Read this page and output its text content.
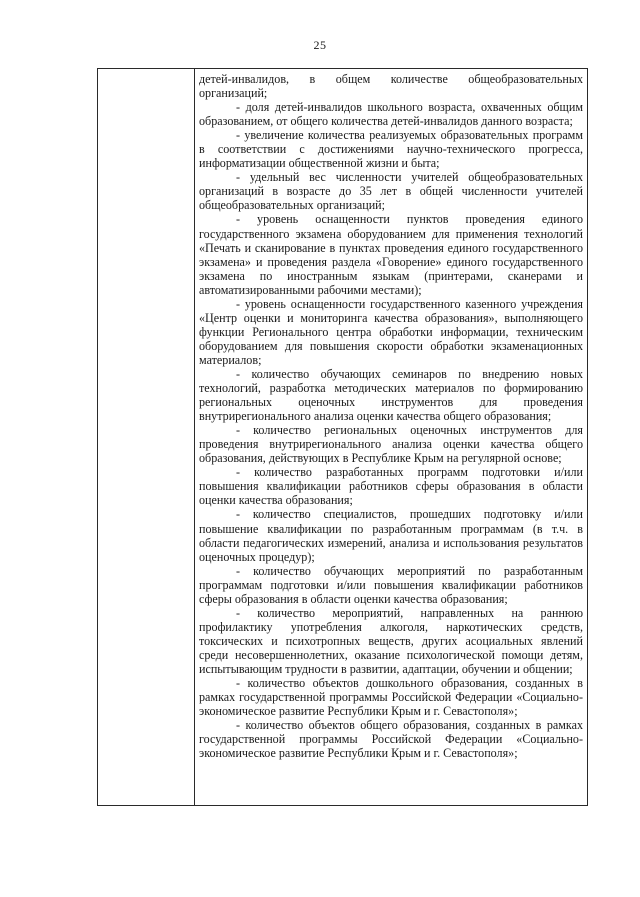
25

детей-инвалидов, в общем количестве общеобразовательных организаций;

- доля детей-инвалидов школьного возраста, охваченных общим образованием, от общего количества детей-инвалидов данного возраста;

- увеличение количества реализуемых образовательных программ в соответствии с достижениями научно-технического прогресса, информатизации общественной жизни и быта;

- удельный вес численности учителей общеобразовательных организаций в возрасте до 35 лет в общей численности учителей общеобразовательных организаций;

- уровень оснащенности пунктов проведения единого государственного экзамена оборудованием для применения технологий «Печать и сканирование в пунктах проведения единого государственного экзамена» и проведения раздела «Говорение» единого государственного экзамена по иностранным языкам (принтерами, сканерами и автоматизированными рабочими местами);

- уровень оснащенности государственного казенного учреждения «Центр оценки и мониторинга качества образования», выполняющего функции Регионального центра обработки информации, техническим оборудованием для повышения скорости обработки экзаменационных материалов;

- количество обучающих семинаров по внедрению новых технологий, разработка методических материалов по формированию региональных оценочных инструментов для проведения внутрирегионального анализа оценки качества общего образования;

- количество региональных оценочных инструментов для проведения внутрирегионального анализа оценки качества общего образования, действующих в Республике Крым на регулярной основе;

- количество разработанных программ подготовки и/или повышения квалификации работников сферы образования в области оценки качества образования;

- количество специалистов, прошедших подготовку и/или повышение квалификации по разработанным программам (в т.ч. в области педагогических измерений, анализа и использования результатов оценочных процедур);

- количество обучающих мероприятий по разработанным программам подготовки и/или повышения квалификации работников сферы образования в области оценки качества образования;

- количество мероприятий, направленных на раннюю профилактику употребления алкоголя, наркотических средств, токсических и психотропных веществ, других асоциальных явлений среди несовершеннолетних, оказание психологической помощи детям, испытывающим трудности в развитии, адаптации, обучении и общении;

- количество объектов дошкольного образования, созданных в рамках государственной программы Российской Федерации «Социально-экономическое развитие Республики Крым и г. Севастополя»;

- количество объектов общего образования, созданных в рамках государственной программы Российской Федерации «Социально-экономическое развитие Республики Крым и г. Севастополя»;
